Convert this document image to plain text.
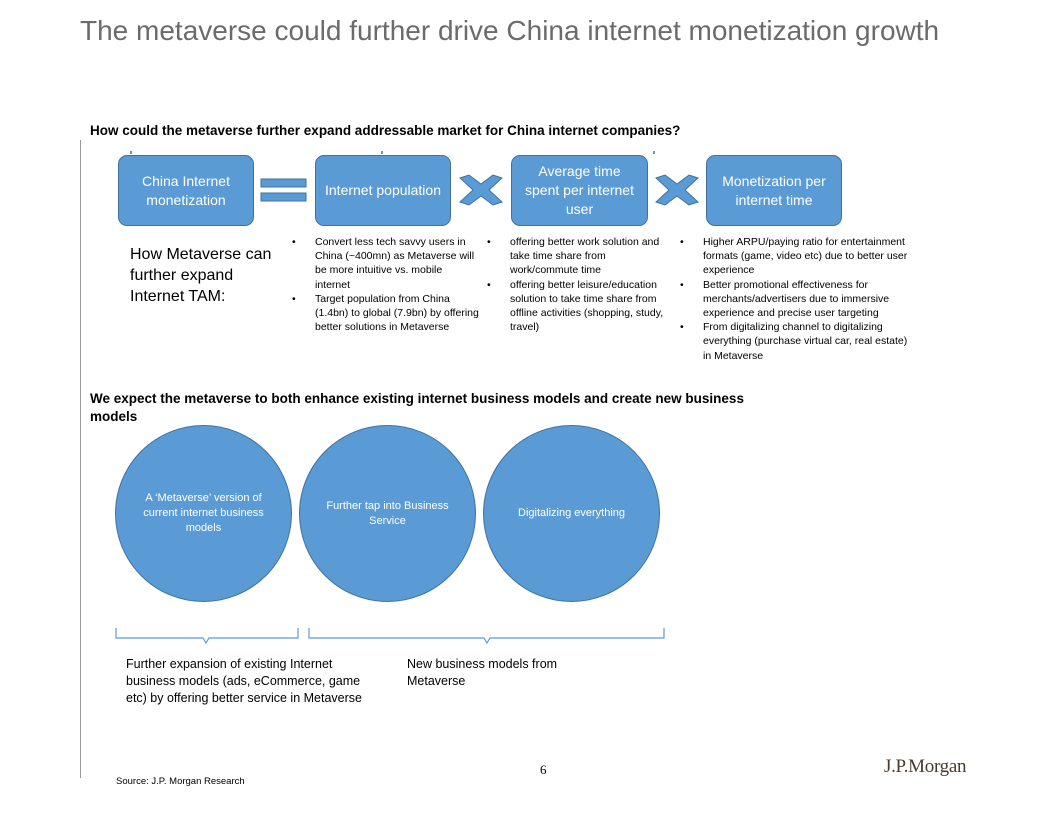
The metaverse could further drive China internet monetization growth
How could the metaverse further expand addressable market for China internet companies?
China Internet monetization
Internet population
Average time spent per internet user
Monetization per internet time
How Metaverse can further expand Internet TAM:
• Convert less tech savvy users in China (~400mn) as Metaverse will be more intuitive vs. mobile internet
• Target population from China (1.4bn) to global (7.9bn) by offering better solutions in Metaverse
• offering better work solution and take time share from work/commute time
• offering better leisure/education solution to take time share from offline activities (shopping, study, travel)
• Higher ARPU/paying ratio for entertainment formats (game, video etc) due to better user experience
• Better promotional effectiveness for merchants/advertisers due to immersive experience and precise user targeting
• From digitalizing channel to digitalizing everything (purchase virtual car, real estate) in Metaverse
We expect the metaverse to both enhance existing internet business models and create new business models
A ‘Metaverse’ version of current internet business models
Further tap into Business Service
Digitalizing everything
Further expansion of existing Internet business models (ads, eCommerce, game etc) by offering better service in Metaverse
New business models from Metaverse
6
Source: J.P. Morgan Research
J.P.Morgan
